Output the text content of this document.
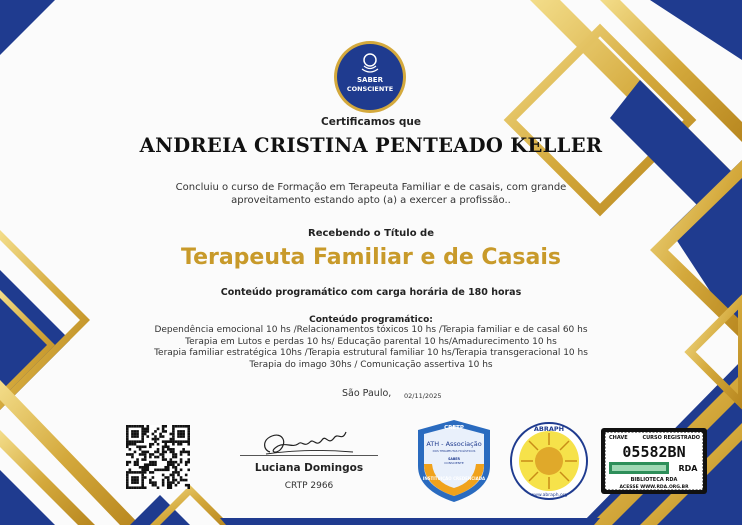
SABER
CONSCIENTE
Certificamos que
ANDREIA CRISTINA PENTEADO KELLER
Concluiu o curso de Formação em Terapeuta Familiar e de casais, com grande
aproveitamento estando apto (a) a exercer a profissão..
Recebendo o Título de
Terapeuta Familiar e de Casais
Conteúdo programático com carga horária de 180 horas
Conteúdo programático:
Dependência emocional 10 hs /Relacionamentos tóxicos 10 hs /Terapia familiar e de casal 60 hs
Terapia em Lutos e perdas 10 hs/ Educação parental 10 hs/Amadurecimento 10 hs
Terapia familiar estratégica 10hs /Terapia estrutural familiar 10 hs/Terapia transgeracional 10 hs
Terapia do imago 30hs / Comunicação assertiva 10 hs
São Paulo, 02/11/2025
Luciana Domingos
CRTP 2966
CRETP
ATH - Associação
DOS TERAPEUTAS HOLÍSTICOS
SABER
CONSCIENTE
INSTITUIÇÃO CREDENCIADA
ABRAPH
www.abraph.org
CHAVE	CURSO REGISTRADO
05582BN
RDA
BIBLIOTECA RDA
ACESSE WWW.RDA.ORG.BR
